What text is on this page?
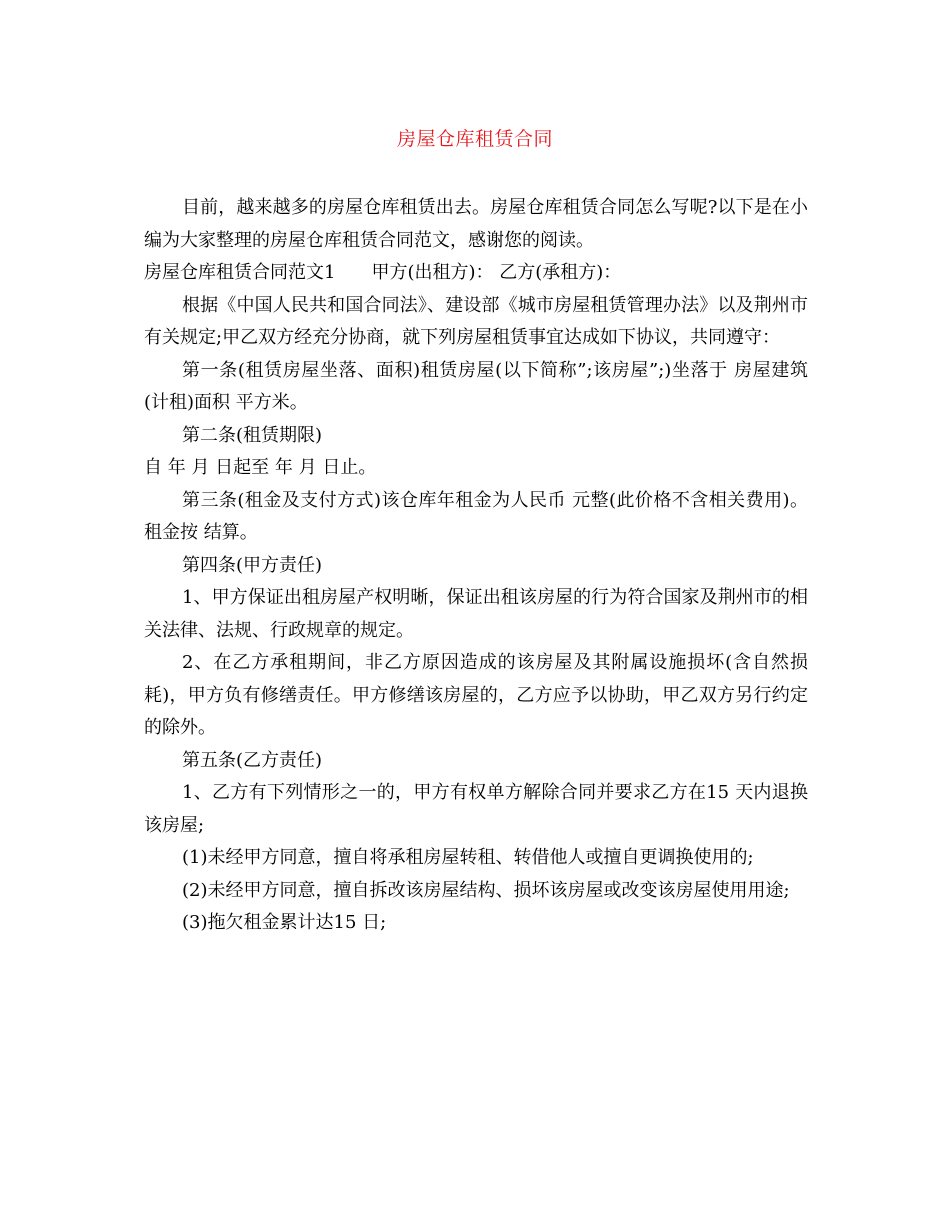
房屋仓库租赁合同

目前，越来越多的房屋仓库租赁出去。房屋仓库租赁合同怎么写呢?以下是在小编为大家整理的房屋仓库租赁合同范文，感谢您的阅读。

房屋仓库租赁合同范文1 甲方(出租方)： 乙方(承租方)：

根据《中国人民共和国合同法》、建设部《城市房屋租赁管理办法》以及荆州市有关规定;甲乙双方经充分协商，就下列房屋租赁事宜达成如下协议，共同遵守：

第一条(租赁房屋坐落、面积)租赁房屋(以下简称”;该房屋”;)坐落于 房屋建筑(计租)面积 平方米。

第二条(租赁期限)

自 年 月 日起至 年 月 日止。

第三条(租金及支付方式)该仓库年租金为人民币 元整(此价格不含相关费用)。租金按 结算。

第四条(甲方责任)

1、甲方保证出租房屋产权明晰，保证出租该房屋的行为符合国家及荆州市的相关法律、法规、行政规章的规定。

2、在乙方承租期间，非乙方原因造成的该房屋及其附属设施损坏(含自然损耗)，甲方负有修缮责任。甲方修缮该房屋的，乙方应予以协助，甲乙双方另行约定的除外。

第五条(乙方责任)

1、乙方有下列情形之一的，甲方有权单方解除合同并要求乙方在15 天内退换该房屋;

(1)未经甲方同意，擅自将承租房屋转租、转借他人或擅自更调换使用的;

(2)未经甲方同意，擅自拆改该房屋结构、损坏该房屋或改变该房屋使用用途;

(3)拖欠租金累计达15 日;
